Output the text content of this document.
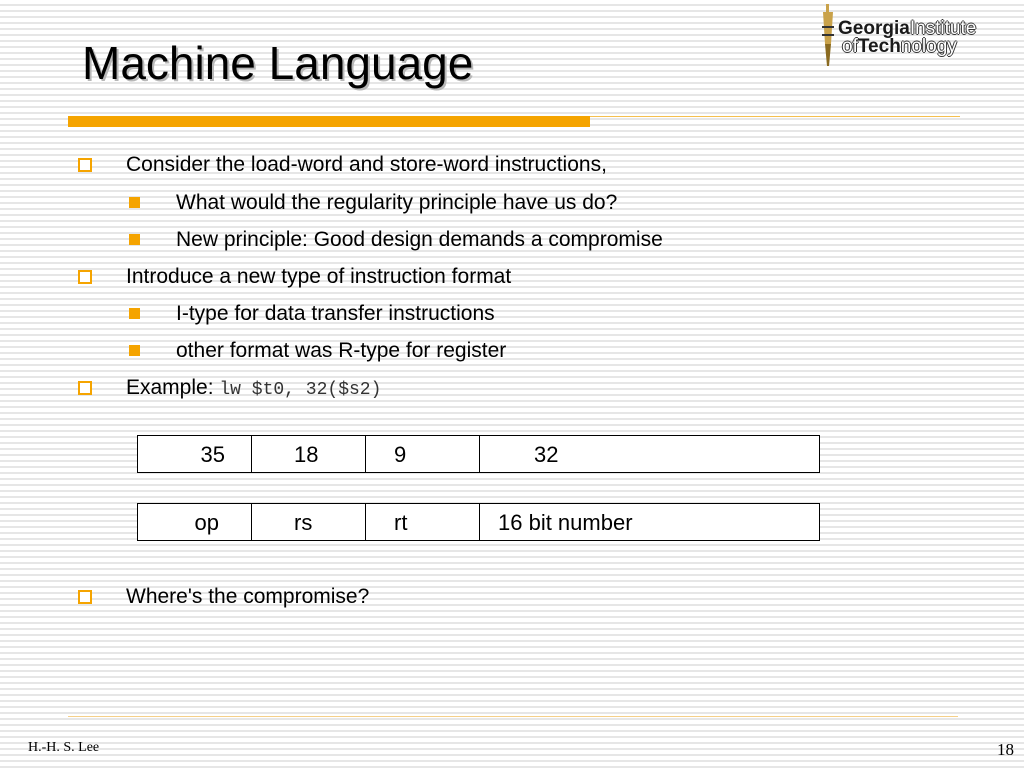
Machine Language
GeorgiaInstitute
ofTechnology
Consider the load-word and store-word instructions,
What would the regularity principle have us do?
New principle: Good design demands a compromise
Introduce a new type of instruction format
I-type for data transfer instructions
other format was R-type for register
Example: lw $t0, 32($s2)
35	18	9	32
op	rs	rt	16 bit number
Where's the compromise?
H.-H. S. Lee	18
